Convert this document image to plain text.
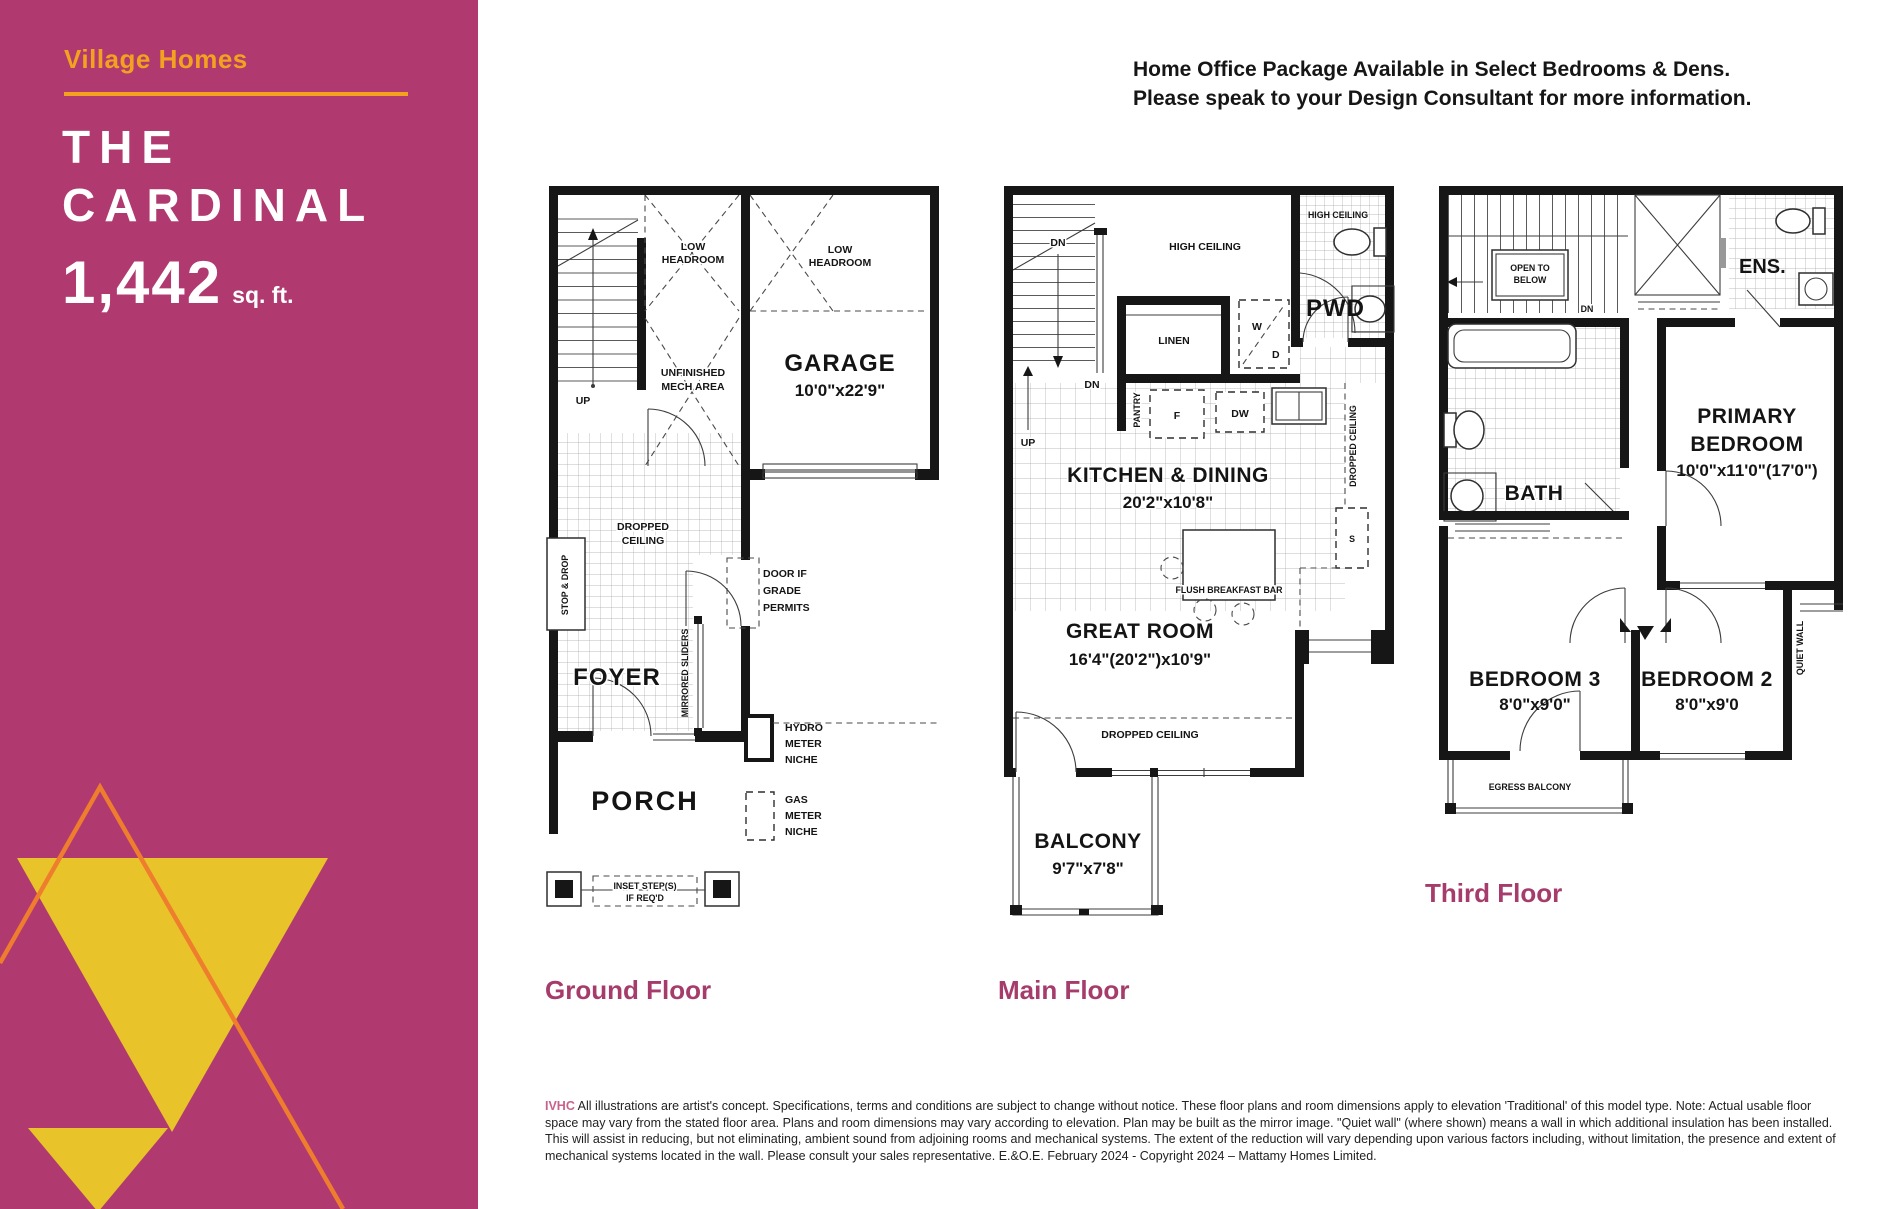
Village Homes
THE
CARDINAL
1,442 sq. ft.
Home Office Package Available in Select Bedrooms & Dens.
Please speak to your Design Consultant for more information.
LOW
HEADROOM
LOW
HEADROOM
GARAGE
10'0"x22'9"
UNFINISHED
MECH AREA
UP
DROPPED
CEILING
STOP & DROP	DOOR IF
GRADE
PERMITS
FOYER MIRRORED SLIDERS
HYDRO
METER
NICHE
GAS
METER
NICHE
PORCH
INSET STEP(S)
IF REQ'D
DN	HIGH CEILING
HIGH CEILING
PWD
LINEN
W
D
DN
UP
PANTRY	F	DW	DROPPED CEILING
S
KITCHEN & DINING
20'2"x10'8"
FLUSH BREAKFAST BAR
GREAT ROOM
16'4"(20'2")x10'9"
DROPPED CEILING
BALCONY
9'7"x7'8"
OPEN TO
BELOW
DN
ENS.
BATH
PRIMARY
BEDROOM
10'0"x11'0"(17'0")
BEDROOM 3
8'0"x9'0"
BEDROOM 2
8'0"x9'0
QUIET WALL
EGRESS BALCONY
Ground Floor	Main Floor
Third Floor
IVHC All illustrations are artist's concept. Specifications, terms and conditions are subject to change without notice. These floor plans and room dimensions apply to elevation 'Traditional' of this model type. Note: Actual usable floor space may vary from the stated floor area. Plans and room dimensions may vary according to elevation. Plan may be built as the mirror image. "Quiet wall" (where shown) means a wall in which additional insulation has been installed. This will assist in reducing, but not eliminating, ambient sound from adjoining rooms and mechanical systems. The extent of the reduction will vary depending upon various factors including, without limitation, the presence and extent of mechanical systems located in the wall. Please consult your sales representative. E.&O.E. February 2024 - Copyright 2024 – Mattamy Homes Limited.
